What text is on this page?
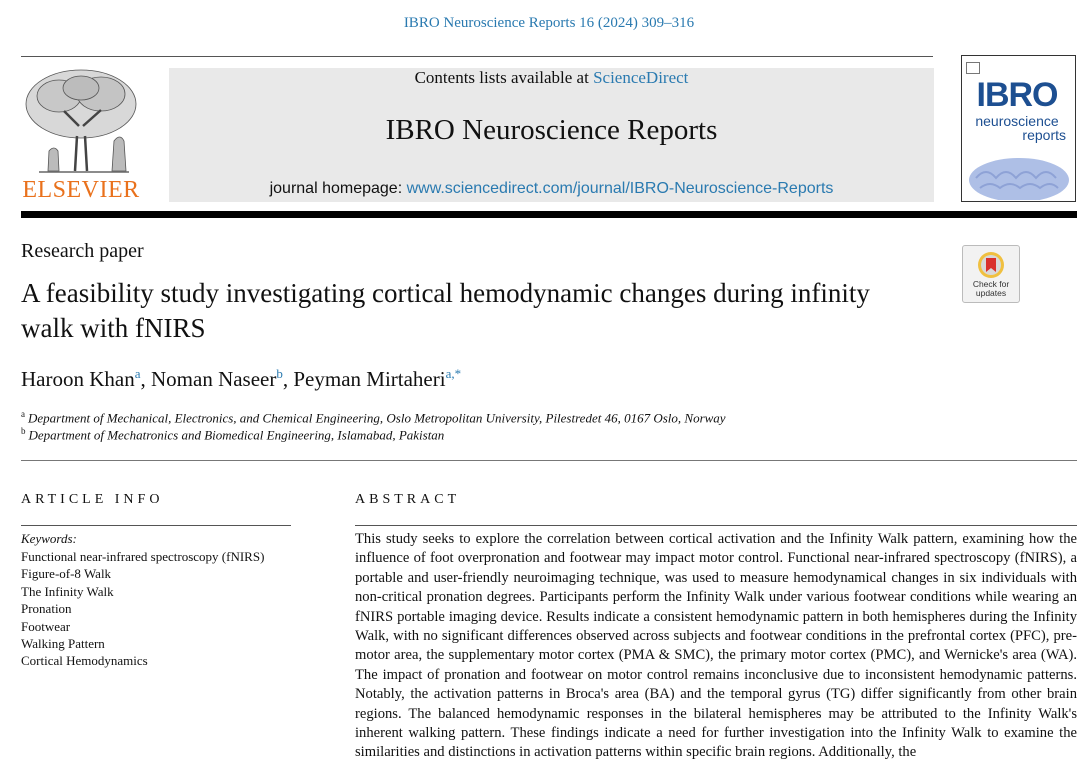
IBRO Neuroscience Reports 16 (2024) 309–316
ELSEVIER
Contents lists available at ScienceDirect
IBRO Neuroscience Reports
journal homepage: www.sciencedirect.com/journal/IBRO-Neuroscience-Reports
IBRO
neuroscience
reports
Research paper
A feasibility study investigating cortical hemodynamic changes during infinity walk with fNIRS
Check for updates
Haroon Khan$^a$, Noman Naseer$^b$, Peyman Mirtaheri$^{a,*}$
$^a$ Department of Mechanical, Electronics, and Chemical Engineering, Oslo Metropolitan University, Pilestredet 46, 0167 Oslo, Norway
$^b$ Department of Mechatronics and Biomedical Engineering, Islamabad, Pakistan
ARTICLE INFO
Keywords:
Functional near-infrared spectroscopy (fNIRS)
Figure-of-8 Walk
The Infinity Walk
Pronation
Footwear
Walking Pattern
Cortical Hemodynamics
ABSTRACT

This study seeks to explore the correlation between cortical activation and the Infinity Walk pattern, examining how the influence of foot overpronation and footwear may impact motor control. Functional near-infrared spectroscopy (fNIRS), a portable and user-friendly neuroimaging technique, was used to measure hemodynamical changes in six individuals with non-critical pronation degrees. Participants perform the Infinity Walk under various footwear conditions while wearing an fNIRS portable imaging device. Results indicate a consistent hemodynamic pattern in both hemispheres during the Infinity Walk, with no significant differences observed across subjects and footwear conditions in the prefrontal cortex (PFC), pre-motor area, the supplementary motor cortex (PMA & SMC), the primary motor cortex (PMC), and Wernicke's area (WA). The impact of pronation and footwear on motor control remains inconclusive due to inconsistent hemodynamic patterns. Notably, the activation patterns in Broca's area (BA) and the temporal gyrus (TG) differ significantly from other brain regions. The balanced hemodynamic responses in the bilateral hemispheres may be attributed to the Infinity Walk's inherent walking pattern. These findings indicate a need for further investigation into the Infinity Walk to examine the similarities and distinctions in activation patterns within specific brain regions. Additionally, the
